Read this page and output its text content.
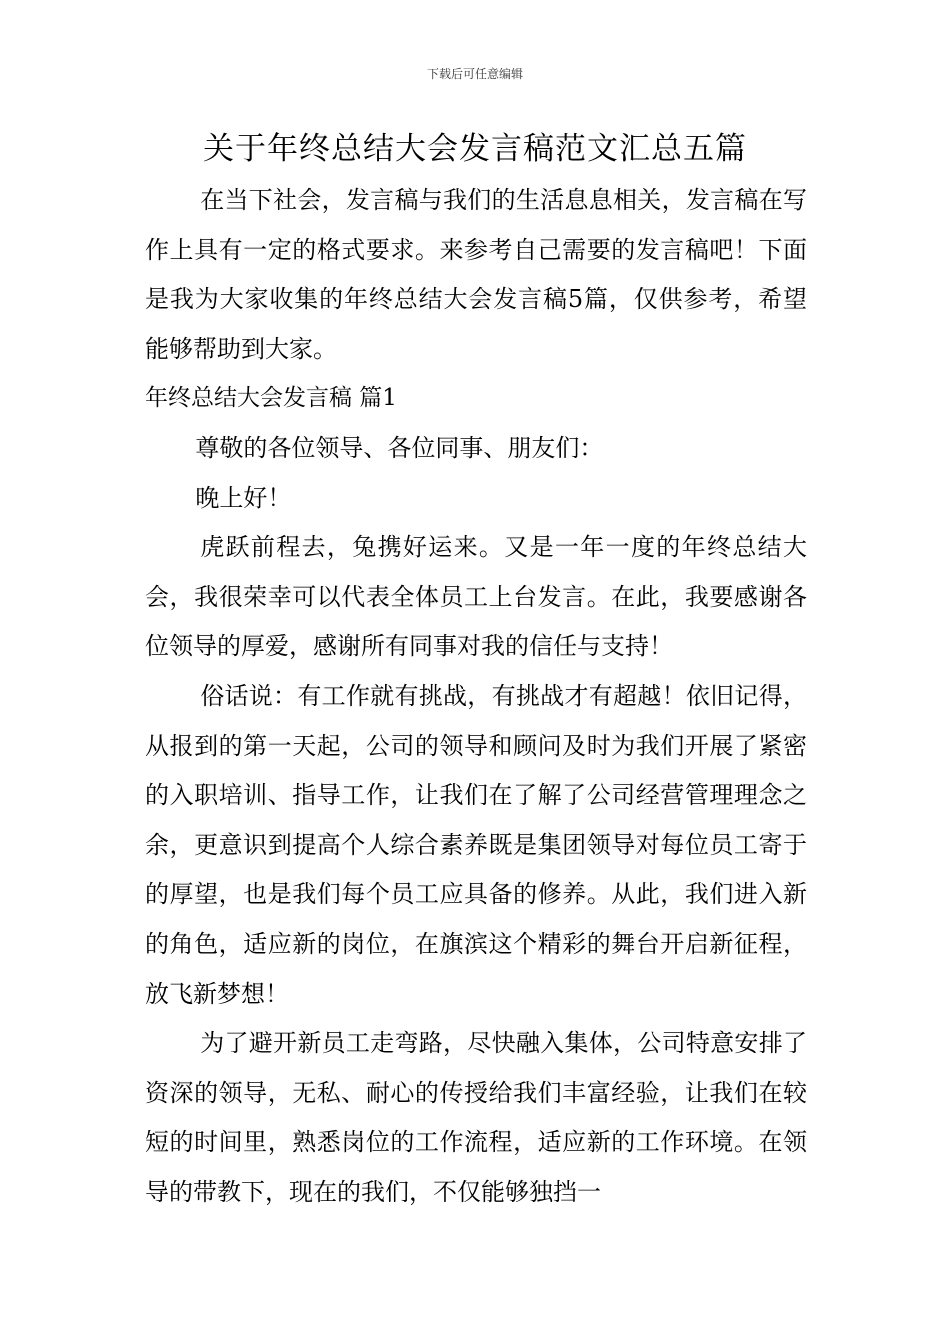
下载后可任意编辑
关于年终总结大会发言稿范文汇总五篇

在当下社会，发言稿与我们的生活息息相关，发言稿在写作上具有一定的格式要求。来参考自己需要的发言稿吧！下面是我为大家收集的年终总结大会发言稿5篇，仅供参考，希望能够帮助到大家。

年终总结大会发言稿 篇1

尊敬的各位领导、各位同事、朋友们：

晚上好！

虎跃前程去，兔携好运来。又是一年一度的年终总结大会，我很荣幸可以代表全体员工上台发言。在此，我要感谢各位领导的厚爱，感谢所有同事对我的信任与支持！

俗话说：有工作就有挑战，有挑战才有超越！依旧记得，从报到的第一天起，公司的领导和顾问及时为我们开展了紧密的入职培训、指导工作，让我们在了解了公司经营管理理念之余，更意识到提高个人综合素养既是集团领导对每位员工寄于的厚望，也是我们每个员工应具备的修养。从此，我们进入新的角色，适应新的岗位，在旗滨这个精彩的舞台开启新征程，放飞新梦想！

为了避开新员工走弯路，尽快融入集体，公司特意安排了资深的领导，无私、耐心的传授给我们丰富经验，让我们在较短的时间里，熟悉岗位的工作流程，适应新的工作环境。在领导的带教下，现在的我们，不仅能够独挡一
